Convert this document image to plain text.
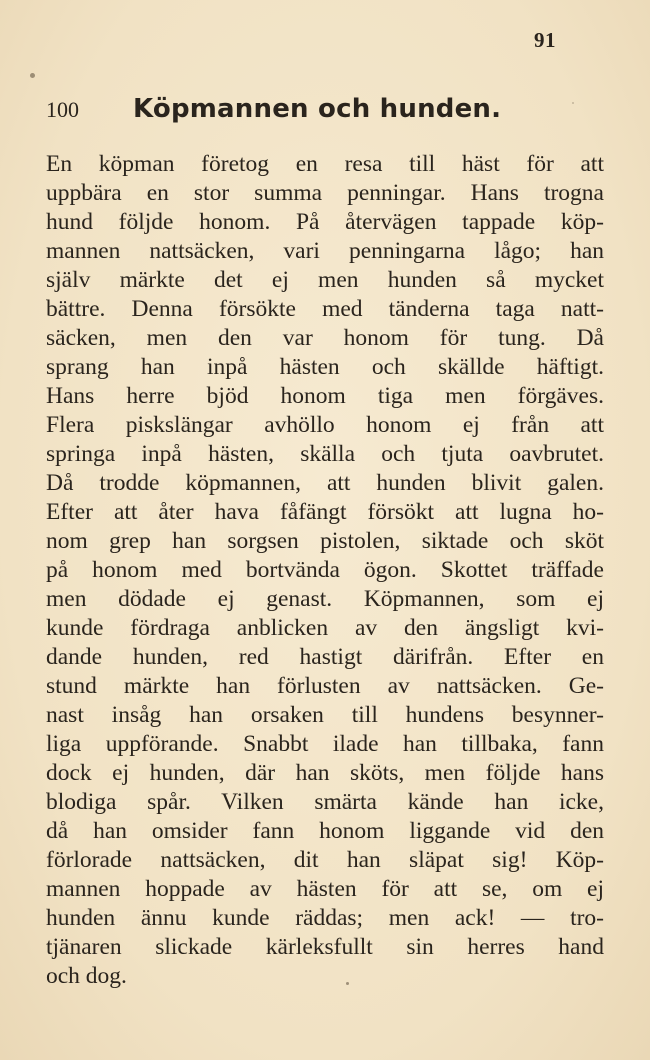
91
100 Köpmannen och hunden.
En köpman företog en resa till häst för att
uppbära en stor summa penningar. Hans trogna
hund följde honom. På återvägen tappade köp-
mannen nattsäcken, vari penningarna lågo; han
själv märkte det ej men hunden så mycket
bättre. Denna försökte med tänderna taga natt-
säcken, men den var honom för tung. Då
sprang han inpå hästen och skällde häftigt.
Hans herre bjöd honom tiga men förgäves.
Flera piskslängar avhöllo honom ej från att
springa inpå hästen, skälla och tjuta oavbrutet.
Då trodde köpmannen, att hunden blivit galen.
Efter att åter hava fåfängt försökt att lugna ho-
nom grep han sorgsen pistolen, siktade och sköt
på honom med bortvända ögon. Skottet träffade
men dödade ej genast. Köpmannen, som ej
kunde fördraga anblicken av den ängsligt kvi-
dande hunden, red hastigt därifrån. Efter en
stund märkte han förlusten av nattsäcken. Ge-
nast insåg han orsaken till hundens besynner-
liga uppförande. Snabbt ilade han tillbaka, fann
dock ej hunden, där han sköts, men följde hans
blodiga spår. Vilken smärta kände han icke,
då han omsider fann honom liggande vid den
förlorade nattsäcken, dit han släpat sig! Köp-
mannen hoppade av hästen för att se, om ej
hunden ännu kunde räddas; men ack! — tro-
tjänaren slickade kärleksfullt sin herres hand
och dog.
